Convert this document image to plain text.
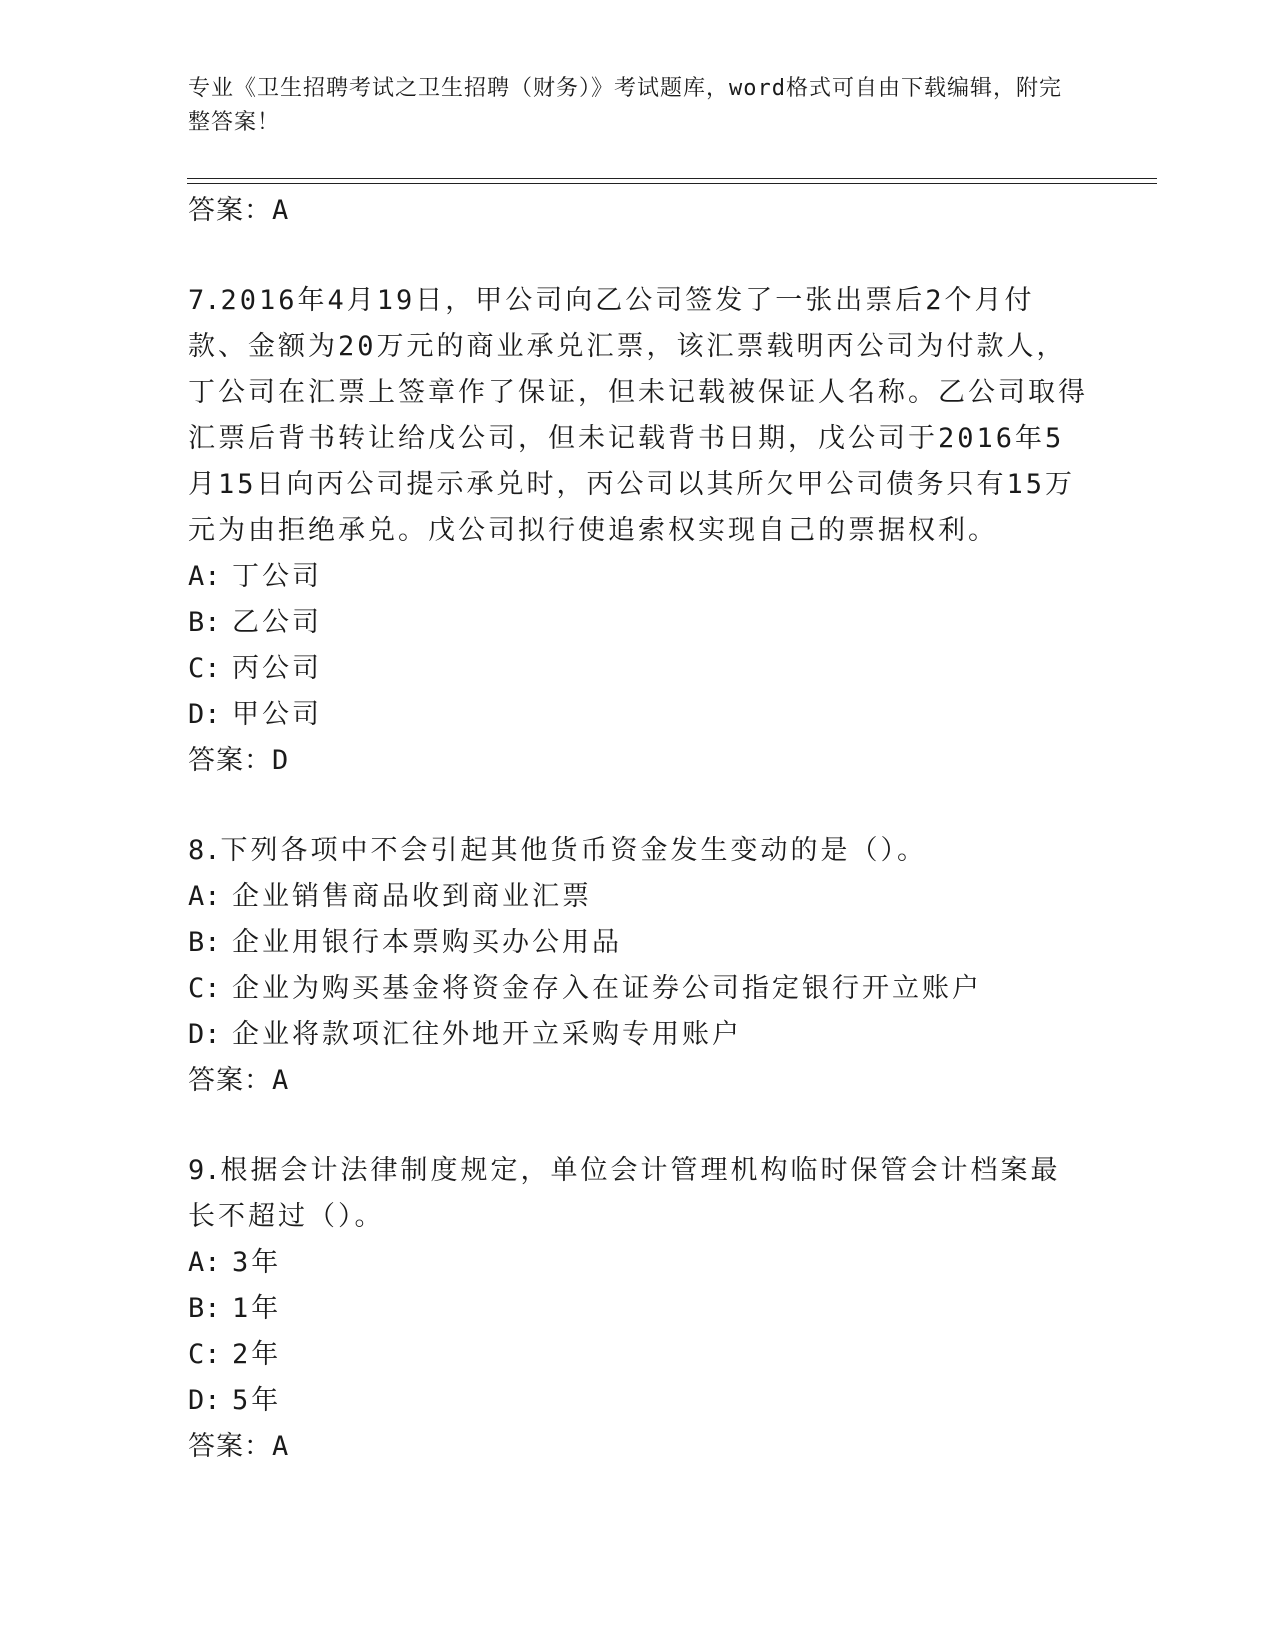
专业《卫生招聘考试之卫生招聘（财务）》考试题库，word格式可自由下载编辑，附完整答案！
答案：A
7.2016年4月19日，甲公司向乙公司签发了一张出票后2个月付款、金额为20万元的商业承兑汇票，该汇票载明丙公司为付款人，丁公司在汇票上签章作了保证，但未记载被保证人名称。乙公司取得汇票后背书转让给戊公司，但未记载背书日期，戊公司于2016年5月15日向丙公司提示承兑时，丙公司以其所欠甲公司债务只有15万元为由拒绝承兑。戊公司拟行使追索权实现自己的票据权利。
A: 丁公司
B: 乙公司
C: 丙公司
D: 甲公司
答案：D
8.下列各项中不会引起其他货币资金发生变动的是（）。
A: 企业销售商品收到商业汇票
B: 企业用银行本票购买办公用品
C: 企业为购买基金将资金存入在证券公司指定银行开立账户
D: 企业将款项汇往外地开立采购专用账户
答案：A
9.根据会计法律制度规定，单位会计管理机构临时保管会计档案最长不超过（）。
A: 3年
B: 1年
C: 2年
D: 5年
答案：A
